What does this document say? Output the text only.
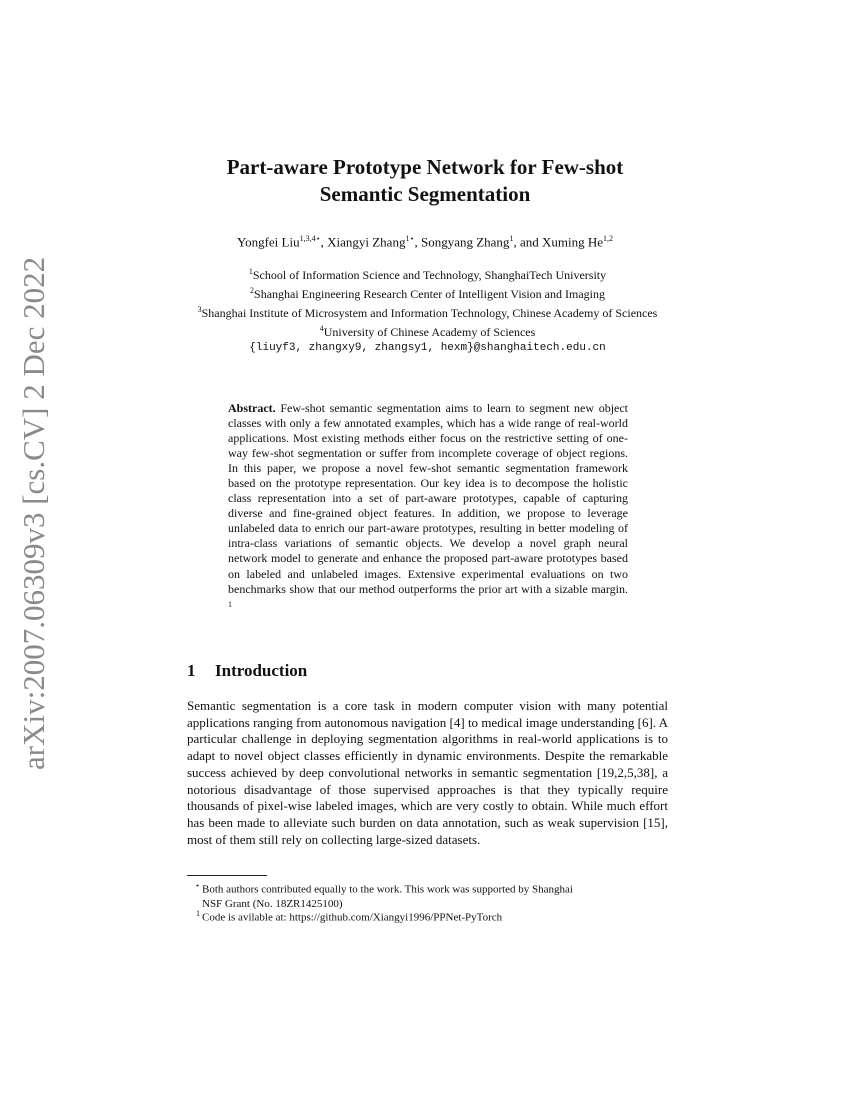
arXiv:2007.06309v3 [cs.CV] 2 Dec 2022
Part-aware Prototype Network for Few-shot
Semantic Segmentation
Yongfei Liu$^{1,3,4⋆}$, Xiangyi Zhang$^{1⋆}$, Songyang Zhang$^1$, and Xuming He$^{1,2}$
$^1$School of Information Science and Technology, ShanghaiTech University
$^2$Shanghai Engineering Research Center of Intelligent Vision and Imaging
$^3$Shanghai Institute of Microsystem and Information Technology, Chinese Academy of Sciences
$^4$University of Chinese Academy of Sciences
{liuyf3, zhangxy9, zhangsy1, hexm}@shanghaitech.edu.cn
Abstract. Few-shot semantic segmentation aims to learn to segment new object classes with only a few annotated examples, which has a wide range of real-world applications. Most existing methods either focus on the restrictive setting of one-way few-shot segmentation or suffer from incomplete coverage of object regions. In this paper, we propose a novel few-shot semantic segmentation framework based on the prototype representation. Our key idea is to decompose the holistic class representation into a set of part-aware prototypes, capable of capturing diverse and fine-grained object features. In addition, we propose to leverage unlabeled data to enrich our part-aware prototypes, resulting in better modeling of intra-class variations of semantic objects. We develop a novel graph neural network model to generate and enhance the proposed part-aware prototypes based on labeled and unlabeled images. Extensive experimental evaluations on two benchmarks show that our method outperforms the prior art with a sizable margin. $^1$
1 Introduction
Semantic segmentation is a core task in modern computer vision with many potential applications ranging from autonomous navigation [4] to medical image understanding [6]. A particular challenge in deploying segmentation algorithms in real-world applications is to adapt to novel object classes efficiently in dynamic environments. Despite the remarkable success achieved by deep convolutional networks in semantic segmentation [19,2,5,38], a notorious disadvantage of those supervised approaches is that they typically require thousands of pixel-wise labeled images, which are very costly to obtain. While much effort has been made to alleviate such burden on data annotation, such as weak supervision [15], most of them still rely on collecting large-sized datasets.
⋆ Both authors contributed equally to the work. This work was supported by Shanghai
NSF Grant (No. 18ZR1425100)
$^1$ Code is avilable at: https://github.com/Xiangyi1996/PPNet-PyTorch
